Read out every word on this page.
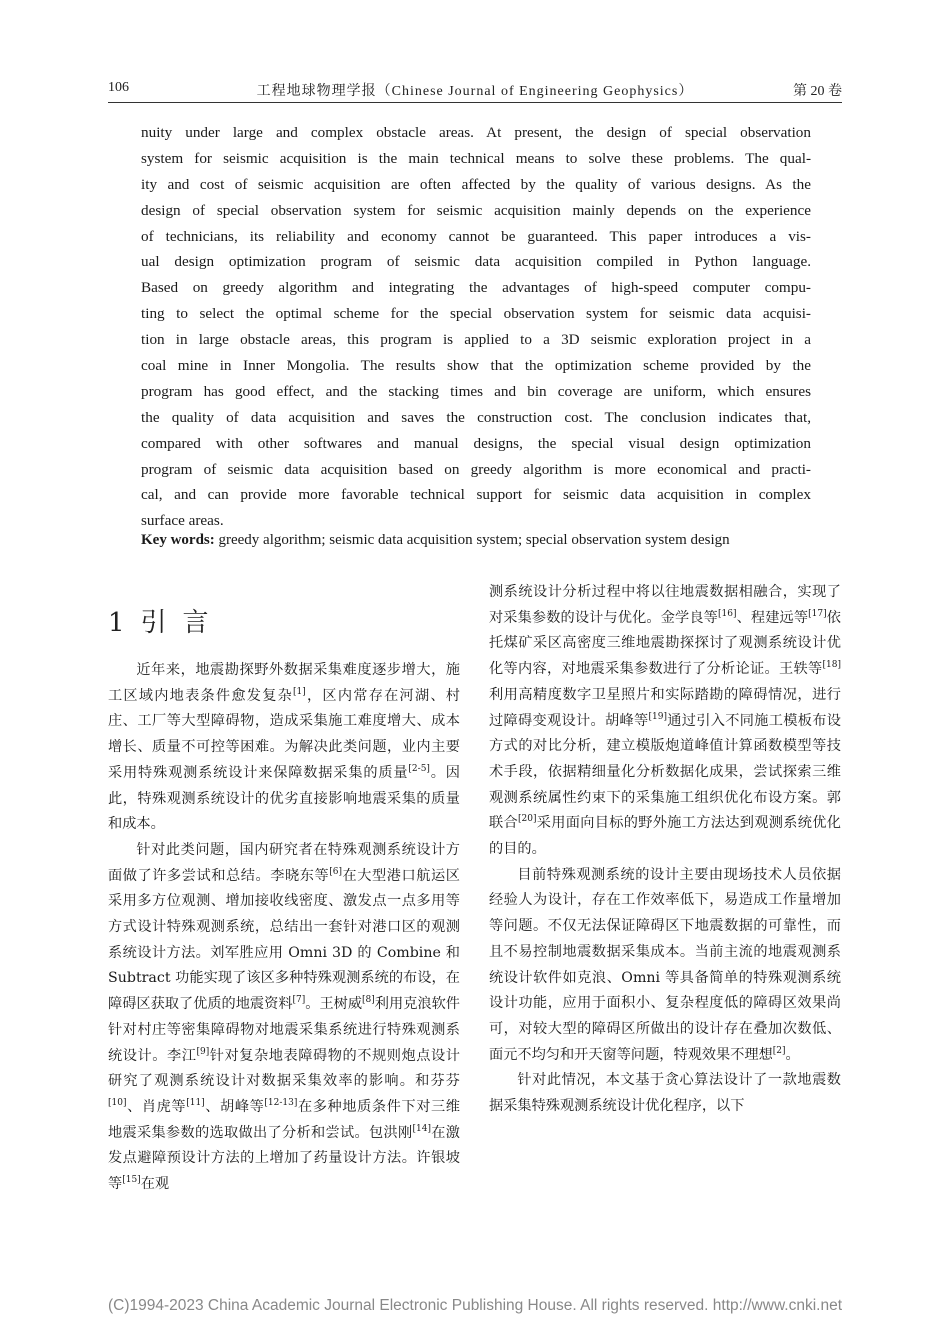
106	工程地球物理学报（Chinese Journal of Engineering Geophysics）	第 20 卷
nuity under large and complex obstacle areas. At present, the design of special observation
system for seismic acquisition is the main technical means to solve these problems. The qual-
ity and cost of seismic acquisition are often affected by the quality of various designs. As the
design of special observation system for seismic acquisition mainly depends on the experience
of technicians, its reliability and economy cannot be guaranteed. This paper introduces a vis-
ual design optimization program of seismic data acquisition compiled in Python language.
Based on greedy algorithm and integrating the advantages of high-speed computer compu-
ting to select the optimal scheme for the special observation system for seismic data acquisi-
tion in large obstacle areas, this program is applied to a 3D seismic exploration project in a
coal mine in Inner Mongolia. The results show that the optimization scheme provided by the
program has good effect, and the stacking times and bin coverage are uniform, which ensures
the quality of data acquisition and saves the construction cost. The conclusion indicates that,
compared with other softwares and manual designs, the special visual design optimization
program of seismic data acquisition based on greedy algorithm is more economical and practi-
cal, and can provide more favorable technical support for seismic data acquisition in complex
surface areas.
Key words: greedy algorithm; seismic data acquisition system; special observation system design
1引言

近年来，地震勘探野外数据采集难度逐步增大，施工区域内地表条件愈发复杂[1]，区内常存在河湖、村庄、工厂等大型障碍物，造成采集施工难度增大、成本增长、质量不可控等困难。为解决此类问题，业内主要采用特殊观测系统设计来保障数据采集的质量[2-5]。因此，特殊观测系统设计的优劣直接影响地震采集的质量和成本。

针对此类问题，国内研究者在特殊观测系统设计方面做了许多尝试和总结。李晓东等[6]在大型港口航运区采用多方位观测、增加接收线密度、激发点一点多用等方式设计特殊观测系统，总结出一套针对港口区的观测系统设计方法。刘军胜应用 Omni 3D 的 Combine 和 Subtract 功能实现了该区多种特殊观测系统的布设，在障碍区获取了优质的地震资料[7]。王树威[8]利用克浪软件针对村庄等密集障碍物对地震采集系统进行特殊观测系统设计。李江[9]针对复杂地表障碍物的不规则炮点设计研究了观测系统设计对数据采集效率的影响。和芬芬[10]、肖虎等[11]、胡峰等[12-13]在多种地质条件下对三维地震采集参数的选取做出了分析和尝试。包洪刚[14]在激发点避障预设计方法的上增加了药量设计方法。许银坡等[15]在观

测系统设计分析过程中将以往地震数据相融合，实现了对采集参数的设计与优化。金学良等[16]、程建远等[17]依托煤矿采区高密度三维地震勘探探讨了观测系统设计优化等内容，对地震采集参数进行了分析论证。王轶等[18]利用高精度数字卫星照片和实际踏勘的障碍情况，进行过障碍变观设计。胡峰等[19]通过引入不同施工模板布设方式的对比分析，建立模版炮道峰值计算函数模型等技术手段，依据精细量化分析数据化成果，尝试探索三维观测系统属性约束下的采集施工组织优化布设方案。郭联合[20]采用面向目标的野外施工方法达到观测系统优化的目的。

目前特殊观测系统的设计主要由现场技术人员依据经验人为设计，存在工作效率低下，易造成工作量增加等问题。不仅无法保证障碍区下地震数据的可靠性，而且不易控制地震数据采集成本。当前主流的地震观测系统设计软件如克浪、Omni 等具备简单的特殊观测系统设计功能，应用于面积小、复杂程度低的障碍区效果尚可，对较大型的障碍区所做出的设计存在叠加次数低、面元不均匀和开天窗等问题，特观效果不理想[2]。

针对此情况，本文基于贪心算法设计了一款地震数据采集特殊观测系统设计优化程序，以下

(C)1994-2023 China Academic Journal Electronic Publishing House. All rights reserved. http://www.cnki.net
